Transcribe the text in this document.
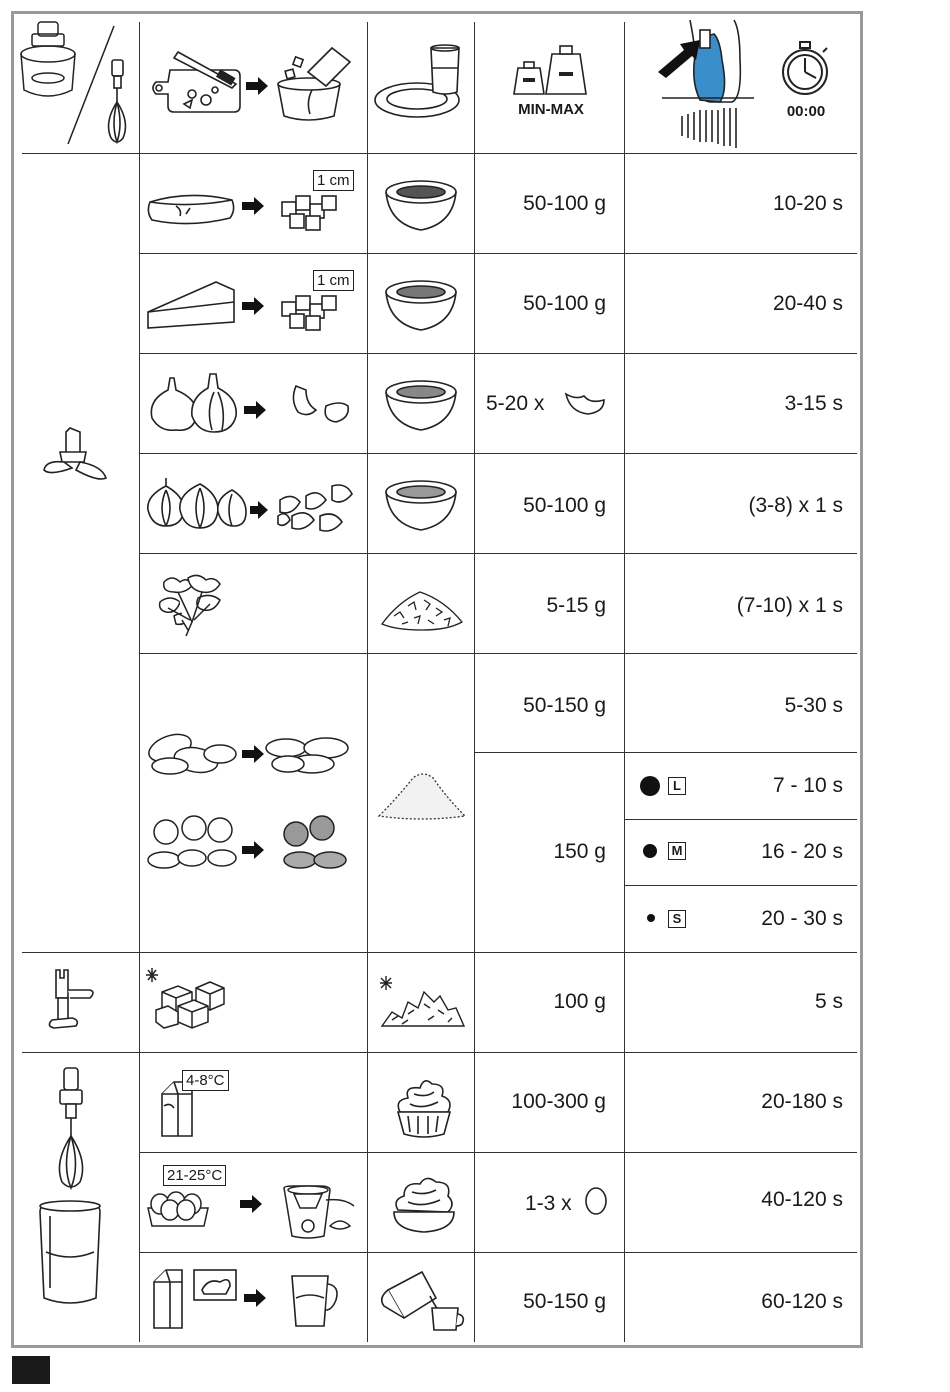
MIN-MAX	00:00
1 cm
50-100 g	10-20 s
1 cm
50-100 g	20-40 s
5-20 x	3-15 s
50-100 g	(3-8) x 1 s
5-15 g	(7-10) x 1 s
50-150 g	5-30 s
150 g
L	7 - 10 s
M	16 - 20 s
S	20 - 30 s
100 g	5 s
4-8°C
100-300 g	20-180 s
21-25°C
1-3 x	40-120 s
50-150 g	60-120 s
